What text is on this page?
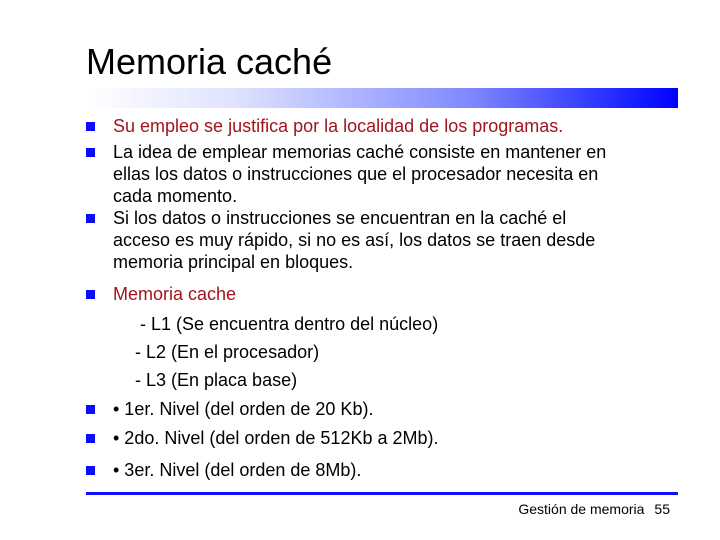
Memoria caché

Su empleo se justifica por la localidad de los programas.

La idea de emplear memorias caché consiste en mantener en

ellas los datos o instrucciones que el procesador necesita en

cada momento.

Si los datos o instrucciones se encuentran en la caché el

acceso es muy rápido, si no es así, los datos se traen desde

memoria principal en bloques.

Memoria cache

- L1 (Se encuentra dentro del núcleo)

- L2 (En el procesador)

- L3 (En placa base)

• 1er. Nivel (del orden de 20 Kb).

• 2do. Nivel (del orden de 512Kb a 2Mb).

• 3er. Nivel (del orden de 8Mb).

Gestión de memoria 55
